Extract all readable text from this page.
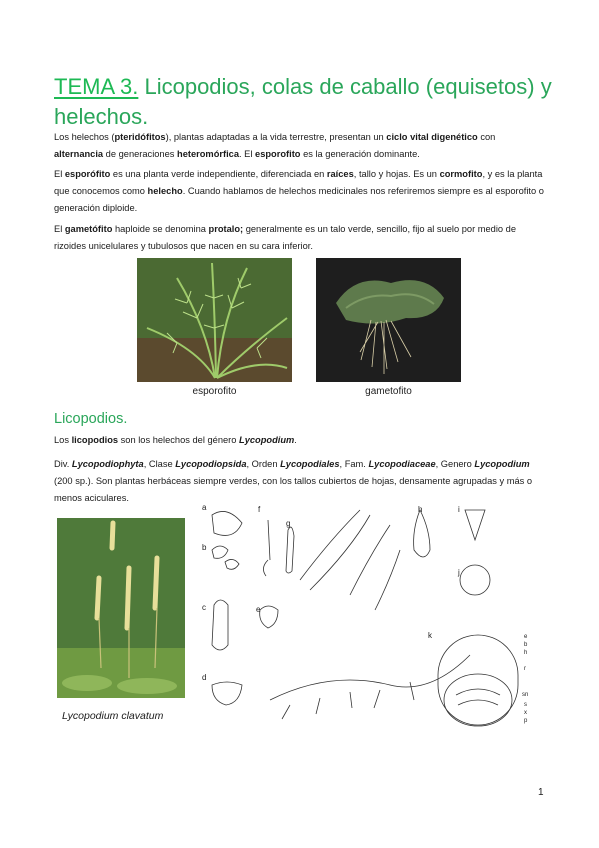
TEMA 3. Licopodios, colas de caballo (equisetos) y helechos.
Los helechos (pteridófitos), plantas adaptadas a la vida terrestre, presentan un ciclo vital digenético con alternancia de generaciones heteromórfica. El esporofito es la generación dominante.
El esporófito es una planta verde independiente, diferenciada en raíces, tallo y hojas. Es un cormofito, y es la planta que conocemos como helecho. Cuando hablamos de helechos medicinales nos referiremos siempre es al esporofito o generación diploide.
El gametófito haploide se denomina protalo; generalmente es un talo verde, sencillo, fijo al suelo por medio de rizoides unicelulares y tubulosos que nacen en su cara inferior.
esporofito	gametofito
Licopodios.
Los licopodios son los helechos del género Lycopodium.
Div. Lycopodiophyta, Clase Lycopodiopsida, Orden Lycopodiales, Fam. Lycopodiaceae, Genero Lycopodium (200 sp.). Son plantas herbáceas siempre verdes, con los tallos cubiertos de hojas, densamente agrupadas y más o menos aciculares.
Lycopodium clavatum
a
b
c
d
e
f
g
h	i
j
k	e
b
h
r
sn
s
x
p
1
